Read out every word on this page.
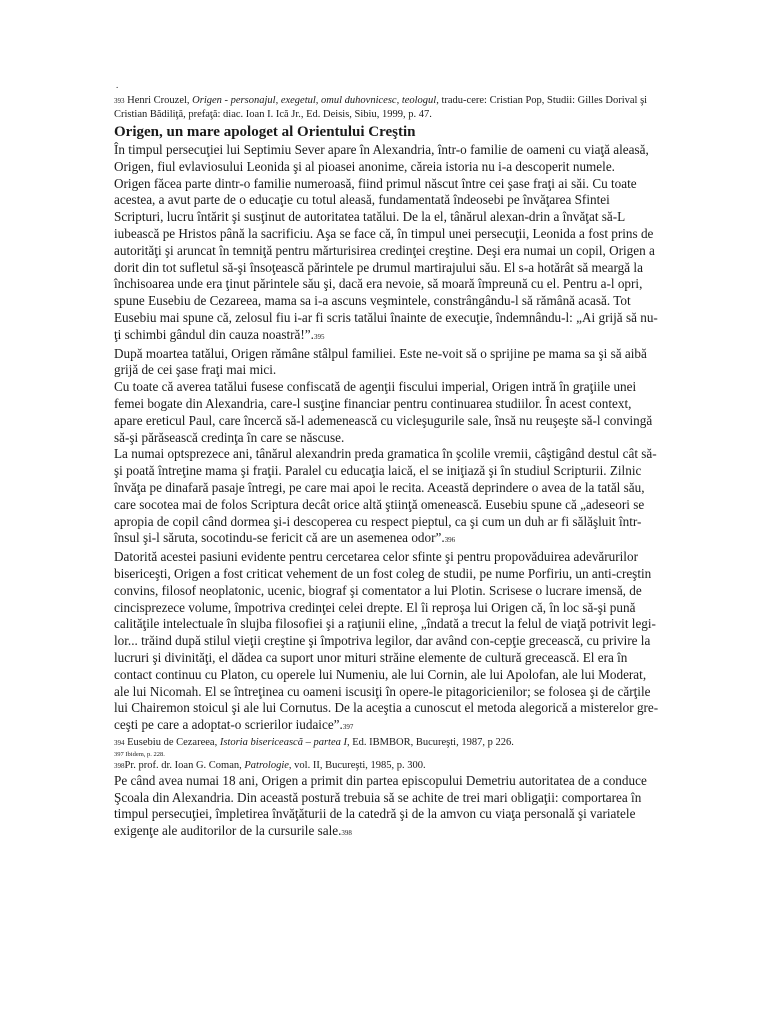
.

393 Henri Crouzel, Origen - personajul, exegetul, omul duhovnicesc, teologul, tradu-cere: Cristian Pop, Studii: Gilles Dorival şi Cristian Bădiliţă, prefaţă: diac. Ioan I. Ică Jr., Ed. Deisis, Sibiu, 1999, p. 47.

Origen, un mare apologet al Orientului Creştin

În timpul persecuţiei lui Septimiu Sever apare în Alexandria, într-o familie de oameni cu viaţă aleasă, Origen, fiul evlaviosului Leonida şi al pioasei anonime, căreia istoria nu i-a descoperit numele.

Origen făcea parte dintr-o familie numeroasă, fiind primul născut între cei şase fraţi ai săi. Cu toate acestea, a avut parte de o educaţie cu totul aleasă, fundamentată îndeosebi pe învăţarea Sfintei Scripturi, lucru întărit şi susţinut de autoritatea tatălui. De la el, tânărul alexan-drin a învăţat să-L iubească pe Hristos până la sacrificiu. Aşa se face că, în timpul unei persecuţii, Leonida a fost prins de autorităţi şi aruncat în temniţă pentru mărturisirea credinţei creştine. Deşi era numai un copil, Origen a dorit din tot sufletul să-şi însoţească părintele pe drumul martirajului său. El s-a hotărât să meargă la închisoarea unde era ţinut părintele său şi, dacă era nevoie, să moară împreună cu el. Pentru a-l opri, spune Eusebiu de Cezareea, mama sa i-a ascuns veşmintele, constrângându-l să rămână acasă. Tot Eusebiu mai spune că, zelosul fiu i-ar fi scris tatălui înainte de execuţie, îndemnându-l: „Ai grijă să nu-ţi schimbi gândul din cauza noastră!”.395

După moartea tatălui, Origen rămâne stâlpul familiei. Este ne-voit să o sprijine pe mama sa şi să aibă grijă de cei şase fraţi mai mici.

Cu toate că averea tatălui fusese confiscată de agenţii fiscului imperial, Origen intră în graţiile unei femei bogate din Alexandria, care-l susţine financiar pentru continuarea studiilor. În acest context, apare ereticul Paul, care încercă să-l ademenească cu vicleşugurile sale, însă nu reuşeşte să-l convingă să-şi părăsească credinţa în care se născuse.

La numai optsprezece ani, tânărul alexandrin preda gramatica în şcolile vremii, câştigând destul cât să-şi poată întreţine mama şi fraţii. Paralel cu educaţia laică, el se iniţiază şi în studiul Scripturii. Zilnic învăţa pe dinafară pasaje întregi, pe care mai apoi le recita. Această deprindere o avea de la tatăl său, care socotea mai de folos Scriptura decât orice altă ştiinţă omenească. Eusebiu spune că „adeseori se apropia de copil când dormea şi-i descoperea cu respect pieptul, ca şi cum un duh ar fi sălăşluit într-însul şi-l săruta, socotindu-se fericit că are un asemenea odor”.396

Datorită acestei pasiuni evidente pentru cercetarea celor sfinte şi pentru propovăduirea adevărurilor bisericeşti, Origen a fost criticat vehement de un fost coleg de studii, pe nume Porfiriu, un anti-creştin convins, filosof neoplatonic, ucenic, biograf şi comentator a lui Plotin. Scrisese o lucrare imensă, de cincisprezece volume, împotriva credinţei celei drepte. El îi reproşa lui Origen că, în loc să-şi pună calităţile intelectuale în slujba filosofiei şi a raţiunii eline, „îndată a trecut la felul de viaţă potrivit legi-lor... trăind după stilul vieţii creştine şi împotriva legilor, dar având con-cepţie grecească, cu privire la lucruri şi divinităţi, el dădea ca suport unor mituri străine elemente de cultură grecească. El era în contact continuu cu Platon, cu operele lui Numeniu, ale lui Cornin, ale lui Apolofan, ale lui Moderat, ale lui Nicomah. El se întreţinea cu oameni iscusiţi în opere-le pitagoricienilor; se folosea şi de cărţile lui Chairemon stoicul şi ale lui Cornutus. De la aceştia a cunoscut el metoda alegorică a misterelor gre-ceşti pe care a adoptat-o scrierilor iudaice”.397

394 Eusebiu de Cezareea, Istoria bisericească – partea I, Ed. IBMBOR, Bucureşti, 1987, p 226.

397 Ibidem, p. 228.

398Pr. prof. dr. Ioan G. Coman, Patrologie, vol. II, Bucureşti, 1985, p. 300.

Pe când avea numai 18 ani, Origen a primit din partea episcopului Demetriu autoritatea de a conduce Şcoala din Alexandria. Din această postură trebuia să se achite de trei mari obligaţii: comportarea în timpul persecuţiei, împletirea învăţăturii de la catedră şi de la amvon cu viaţa personală şi variatele exigenţe ale auditorilor de la cursurile sale.398
